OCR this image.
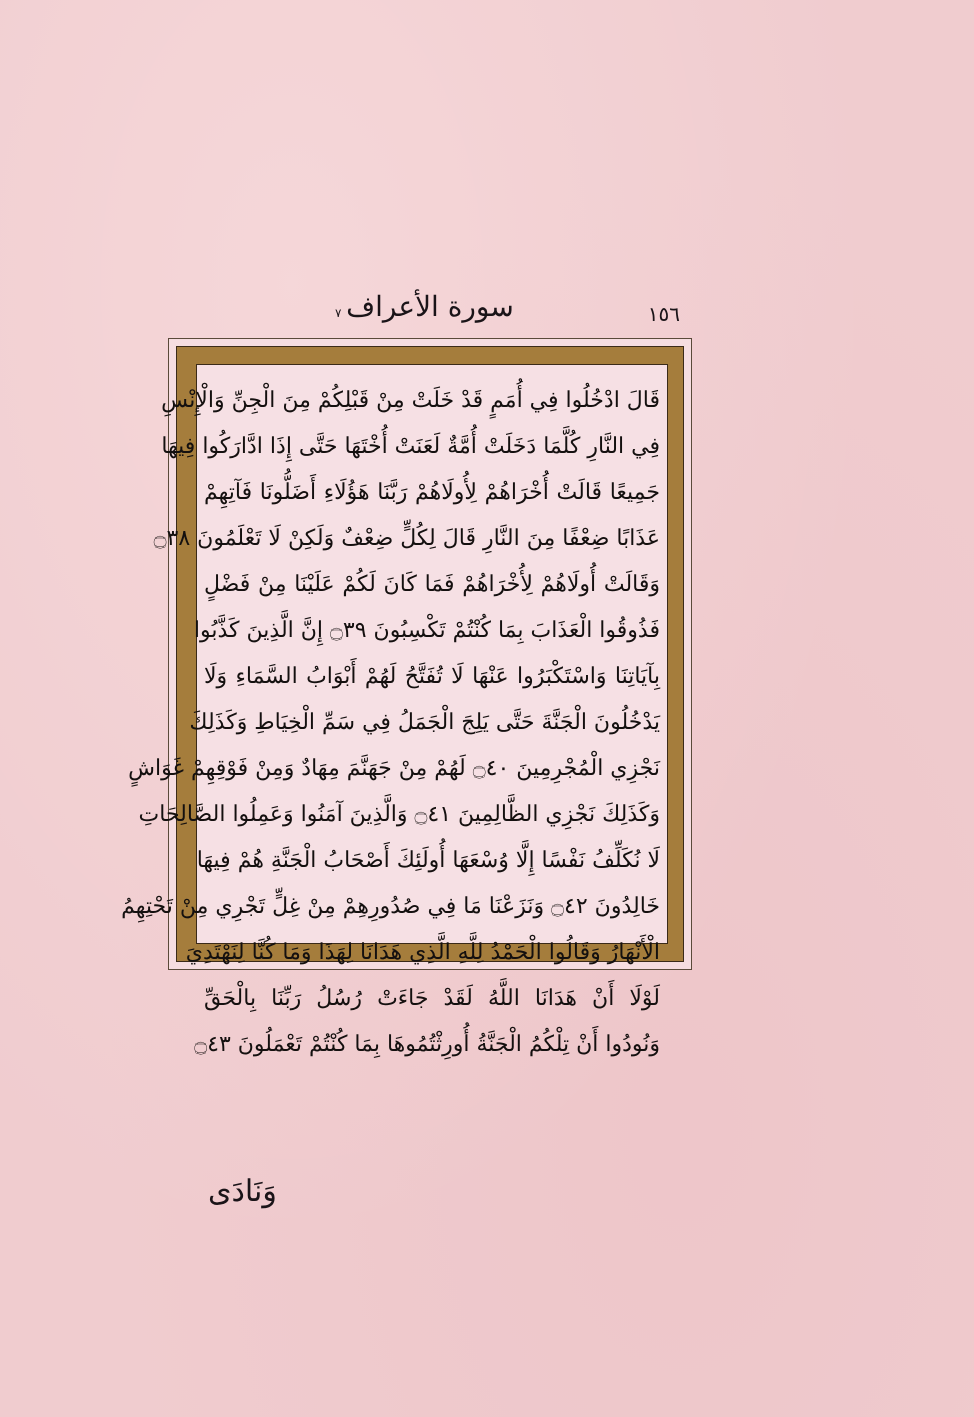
١٥٦
سورة الأعراف
٧
قَالَ ادْخُلُوا فِي أُمَمٍ قَدْ خَلَتْ مِنْ قَبْلِكُمْ مِنَ الْجِنِّ وَالْإِنْسِ
فِي النَّارِ كُلَّمَا دَخَلَتْ أُمَّةٌ لَعَنَتْ أُخْتَهَا حَتَّى إِذَا ادَّارَكُوا فِيهَا
جَمِيعًا قَالَتْ أُخْرَاهُمْ لِأُولَاهُمْ رَبَّنَا هَؤُلَاءِ أَضَلُّونَا فَآتِهِمْ
عَذَابًا ضِعْفًا مِنَ النَّارِ قَالَ لِكُلٍّ ضِعْفٌ وَلَكِنْ لَا تَعْلَمُونَ ۝٣٨
وَقَالَتْ أُولَاهُمْ لِأُخْرَاهُمْ فَمَا كَانَ لَكُمْ عَلَيْنَا مِنْ فَضْلٍ
فَذُوقُوا الْعَذَابَ بِمَا كُنْتُمْ تَكْسِبُونَ ۝٣٩ إِنَّ الَّذِينَ كَذَّبُوا
بِآيَاتِنَا وَاسْتَكْبَرُوا عَنْهَا لَا تُفَتَّحُ لَهُمْ أَبْوَابُ السَّمَاءِ وَلَا
يَدْخُلُونَ الْجَنَّةَ حَتَّى يَلِجَ الْجَمَلُ فِي سَمِّ الْخِيَاطِ وَكَذَلِكَ
نَجْزِي الْمُجْرِمِينَ ۝٤٠ لَهُمْ مِنْ جَهَنَّمَ مِهَادٌ وَمِنْ فَوْقِهِمْ غَوَاشٍ
وَكَذَلِكَ نَجْزِي الظَّالِمِينَ ۝٤١ وَالَّذِينَ آمَنُوا وَعَمِلُوا الصَّالِحَاتِ
لَا نُكَلِّفُ نَفْسًا إِلَّا وُسْعَهَا أُولَئِكَ أَصْحَابُ الْجَنَّةِ هُمْ فِيهَا
خَالِدُونَ ۝٤٢ وَنَزَعْنَا مَا فِي صُدُورِهِمْ مِنْ غِلٍّ تَجْرِي مِنْ تَحْتِهِمُ
الْأَنْهَارُ وَقَالُوا الْحَمْدُ لِلَّهِ الَّذِي هَدَانَا لِهَذَا وَمَا كُنَّا لِنَهْتَدِيَ
لَوْلَا أَنْ هَدَانَا اللَّهُ لَقَدْ جَاءَتْ رُسُلُ رَبِّنَا بِالْحَقِّ
وَنُودُوا أَنْ تِلْكُمُ الْجَنَّةُ أُورِثْتُمُوهَا بِمَا كُنْتُمْ تَعْمَلُونَ ۝٤٣
وَنَادَى
